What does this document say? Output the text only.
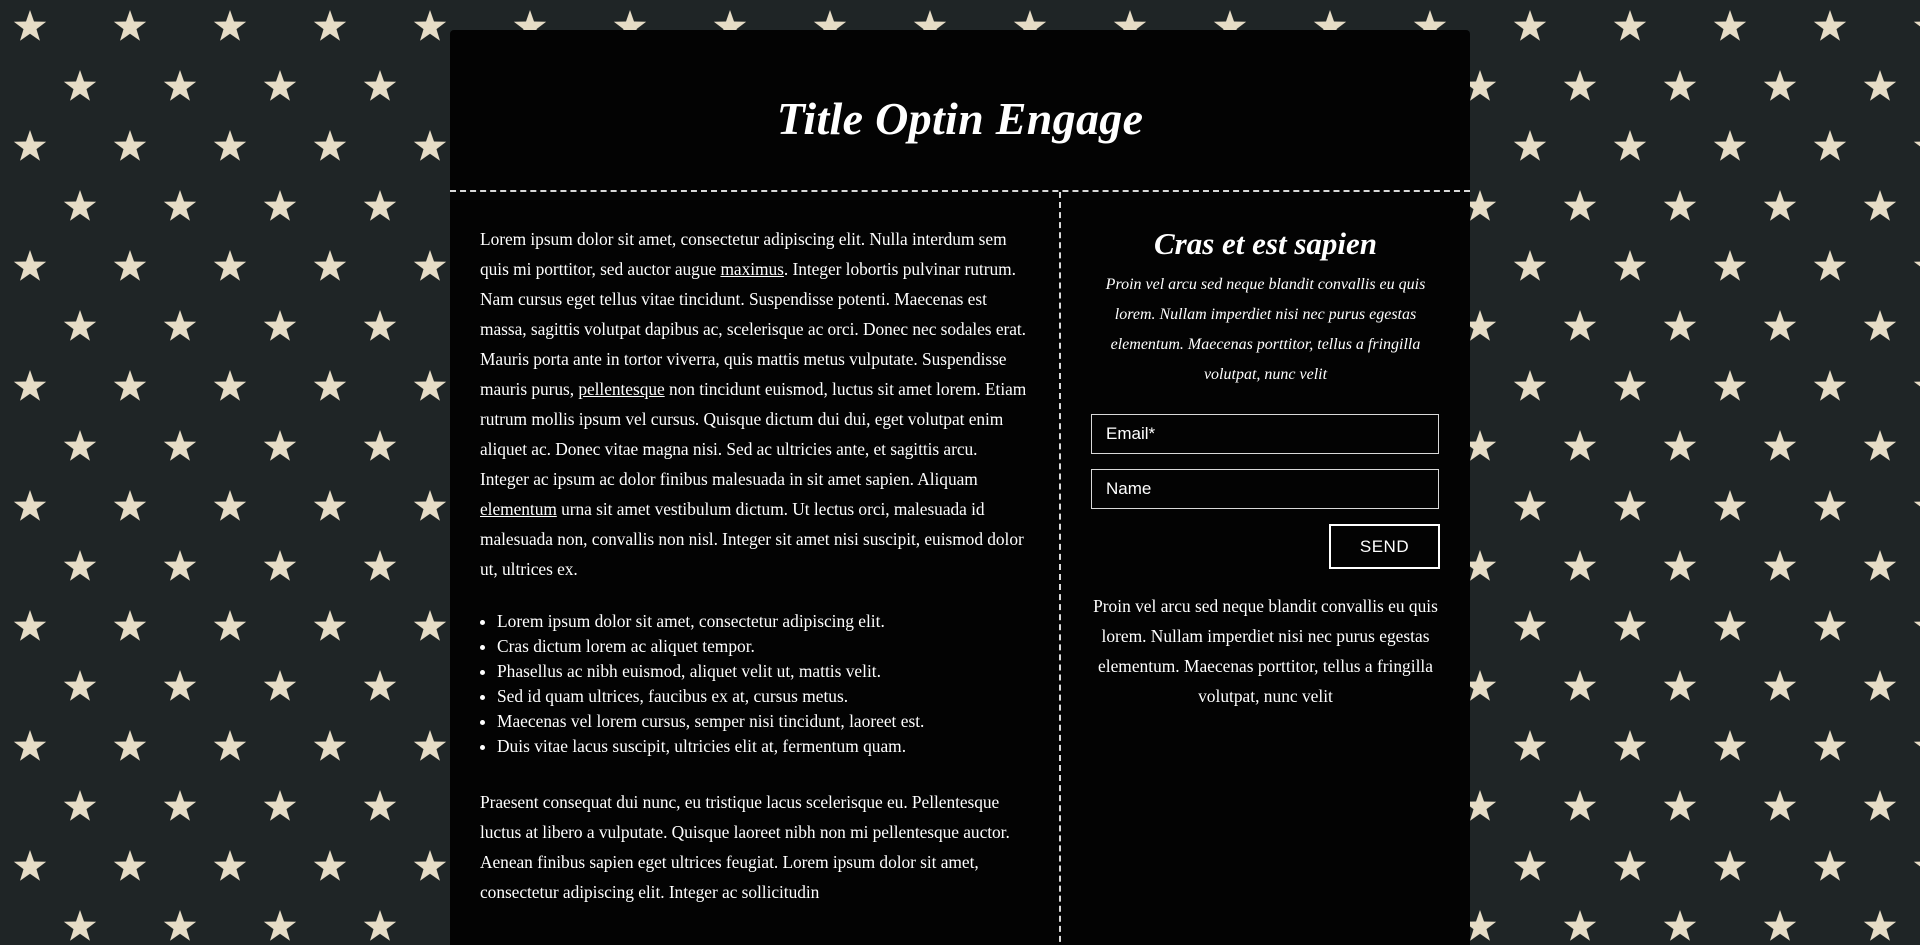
Title Optin Engage

Lorem ipsum dolor sit amet, consectetur adipiscing elit. Nulla interdum sem quis mi porttitor, sed auctor augue maximus. Integer lobortis pulvinar rutrum. Nam cursus eget tellus vitae tincidunt. Suspendisse potenti. Maecenas est massa, sagittis volutpat dapibus ac, scelerisque ac orci. Donec nec sodales erat. Mauris porta ante in tortor viverra, quis mattis metus vulputate. Suspendisse mauris purus, pellentesque non tincidunt euismod, luctus sit amet lorem. Etiam rutrum mollis ipsum vel cursus. Quisque dictum dui dui, eget volutpat enim aliquet ac. Donec vitae magna nisi. Sed ac ultricies ante, et sagittis arcu. Integer ac ipsum ac dolor finibus malesuada in sit amet sapien. Aliquam elementum urna sit amet vestibulum dictum. Ut lectus orci, malesuada id malesuada non, convallis non nisl. Integer sit amet nisi suscipit, euismod dolor ut, ultrices ex.

• Lorem ipsum dolor sit amet, consectetur adipiscing elit.
• Cras dictum lorem ac aliquet tempor.
• Phasellus ac nibh euismod, aliquet velit ut, mattis velit.
• Sed id quam ultrices, faucibus ex at, cursus metus.
• Maecenas vel lorem cursus, semper nisi tincidunt, laoreet est.
• Duis vitae lacus suscipit, ultricies elit at, fermentum quam.

Praesent consequat dui nunc, eu tristique lacus scelerisque eu. Pellentesque luctus at libero a vulputate. Quisque laoreet nibh non mi pellentesque auctor. Aenean finibus sapien eget ultrices feugiat. Lorem ipsum dolor sit amet, consectetur adipiscing elit. Integer ac sollicitudin

Cras et est sapien

Proin vel arcu sed neque blandit convallis eu quis lorem. Nullam imperdiet nisi nec purus egestas elementum. Maecenas porttitor, tellus a fringilla volutpat, nunc velit

Email*
Name
SEND

Proin vel arcu sed neque blandit convallis eu quis lorem. Nullam imperdiet nisi nec purus egestas elementum. Maecenas porttitor, tellus a fringilla volutpat, nunc velit
